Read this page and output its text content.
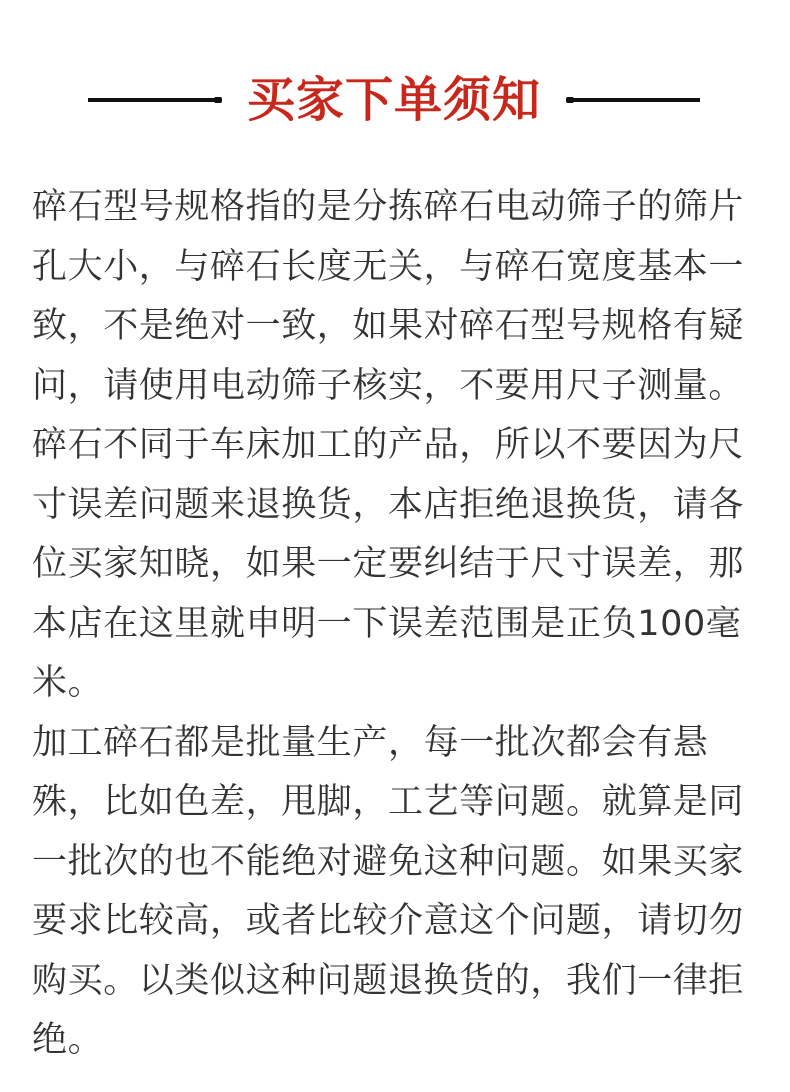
买家下单须知

碎石型号规格指的是分拣碎石电动筛子的筛片孔大小，与碎石长度无关，与碎石宽度基本一致，不是绝对一致，如果对碎石型号规格有疑问，请使用电动筛子核实，不要用尺子测量。碎石不同于车床加工的产品，所以不要因为尺寸误差问题来退换货，本店拒绝退换货，请各位买家知晓，如果一定要纠结于尺寸误差，那本店在这里就申明一下误差范围是正负100毫米。

加工碎石都是批量生产，每一批次都会有悬殊，比如色差，甩脚，工艺等问题。就算是同一批次的也不能绝对避免这种问题。如果买家要求比较高，或者比较介意这个问题，请切勿购买。以类似这种问题退换货的，我们一律拒绝。
